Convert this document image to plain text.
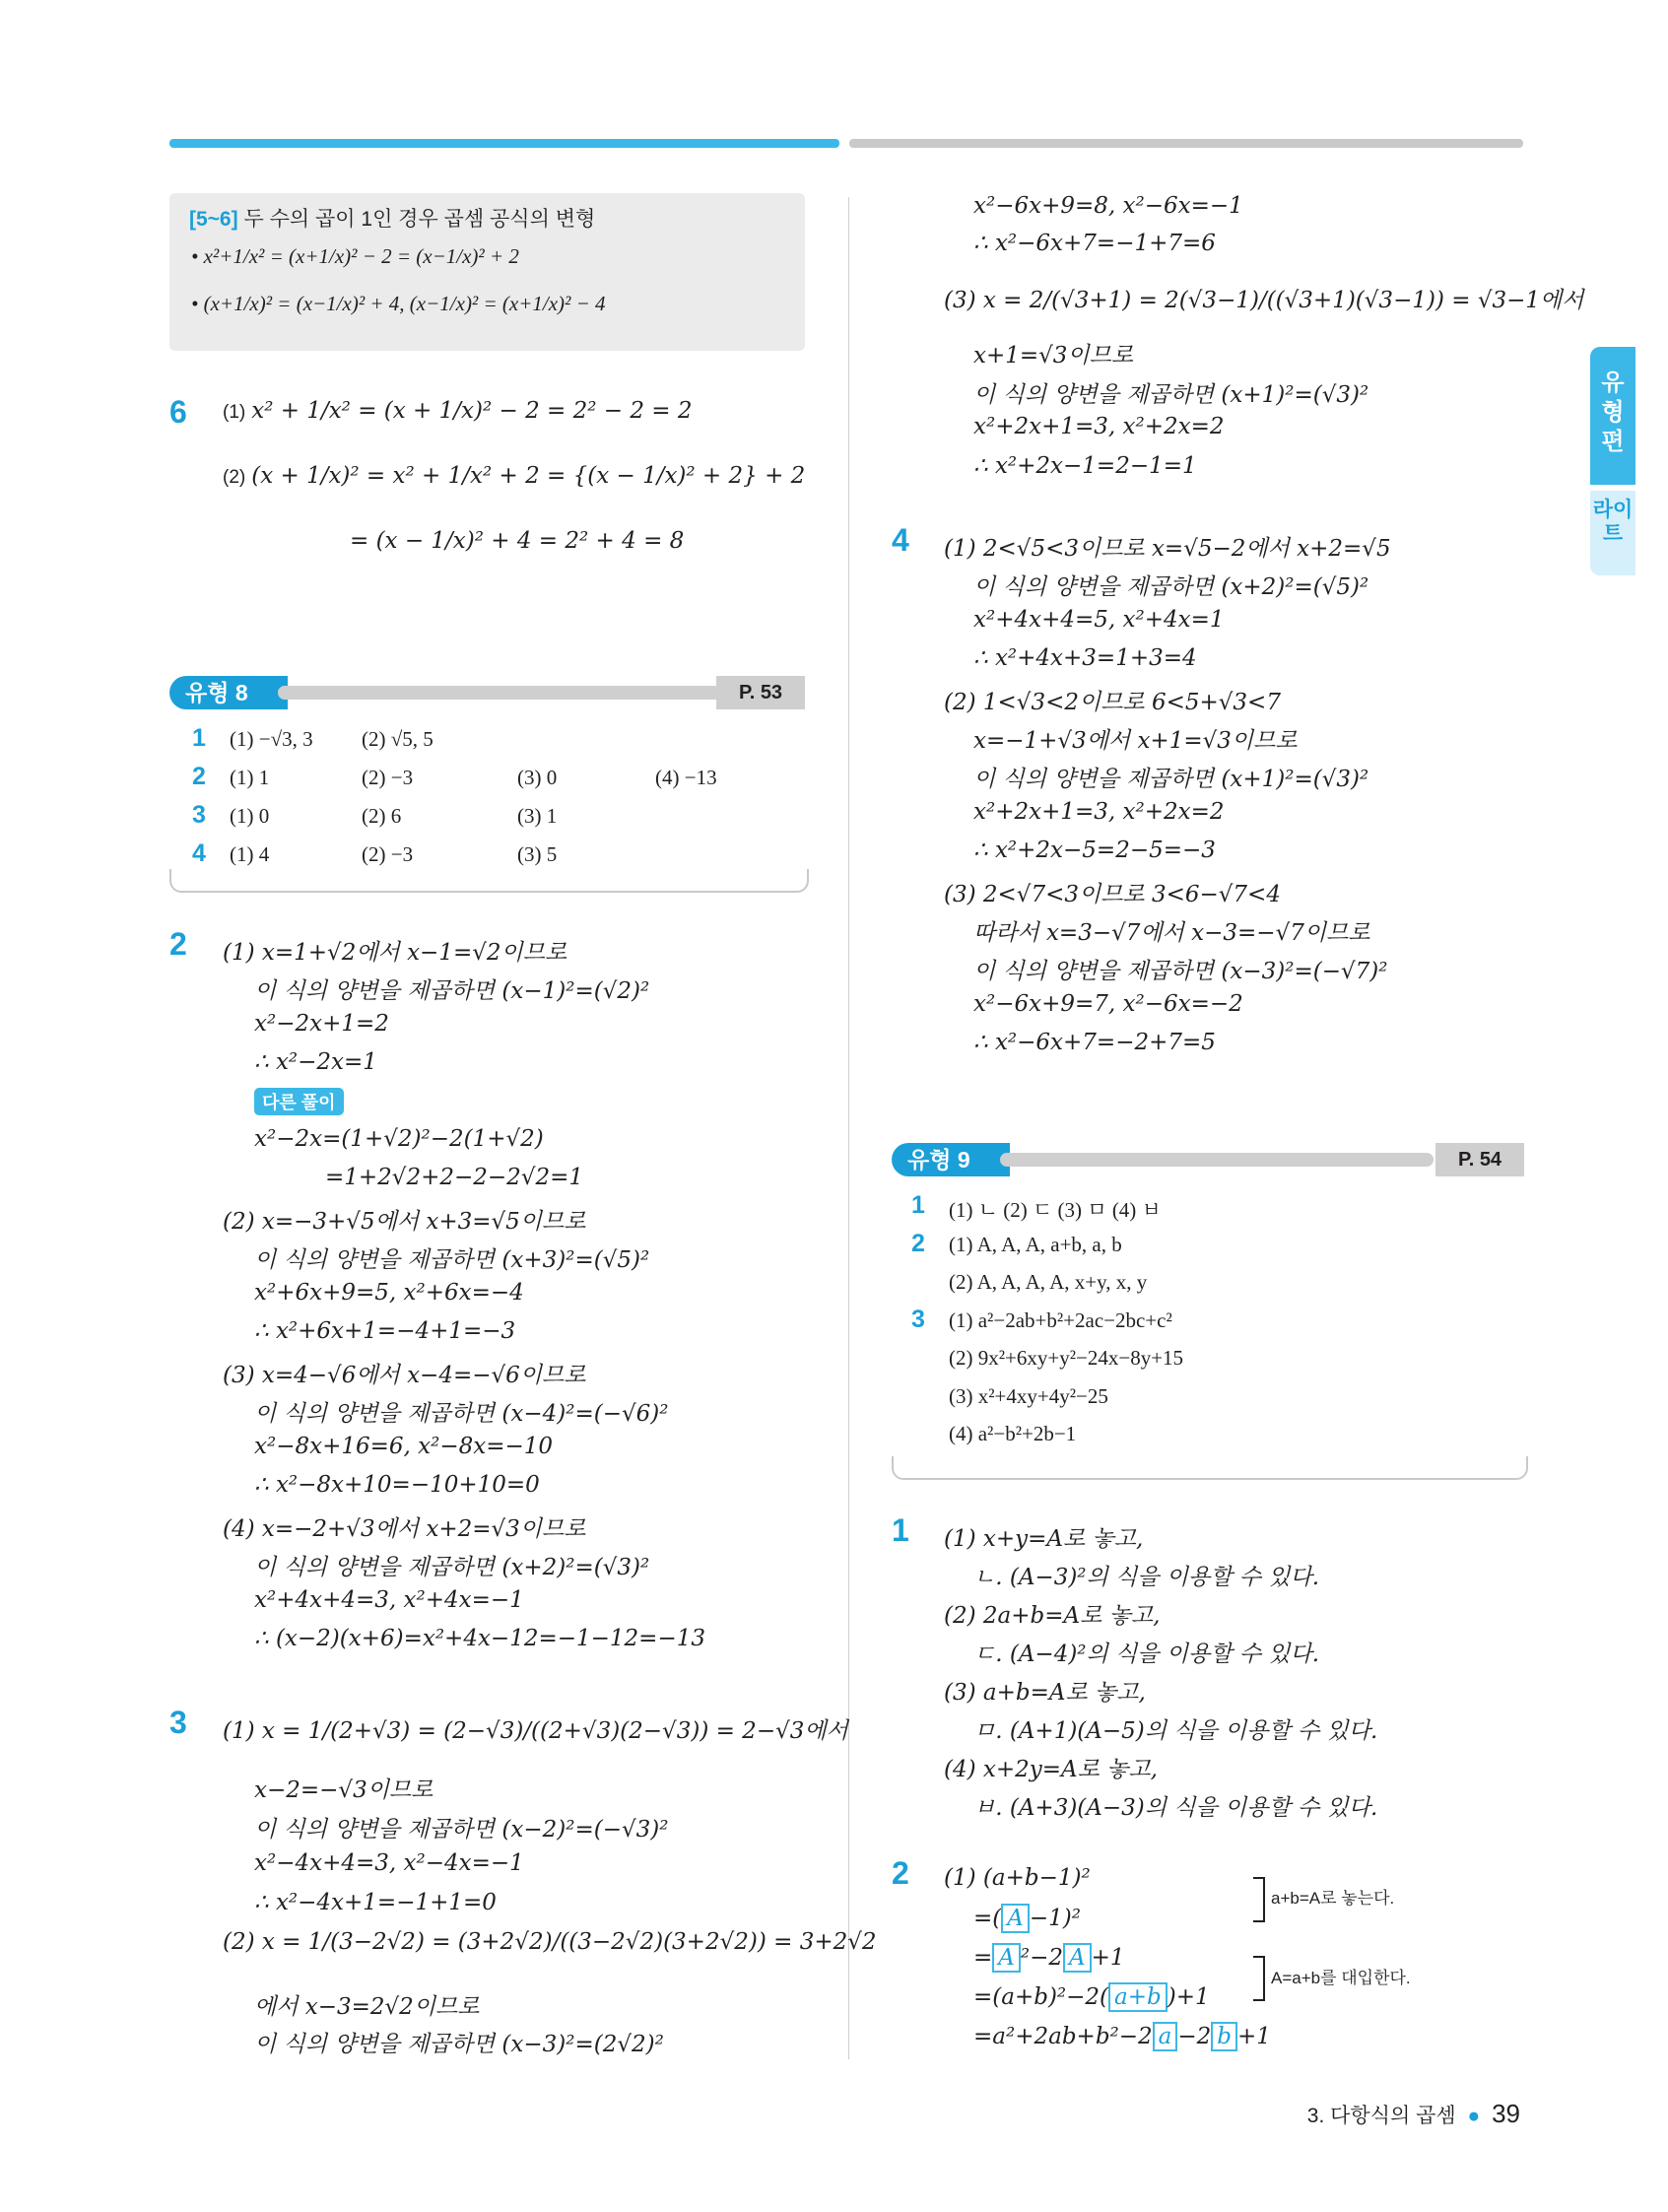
유형편
라이트
[5~6] 두 수의 곱이 1인 경우 곱셈 공식의 변형
• x²+1/x² = (x+1/x)² − 2 = (x−1/x)² + 2
• (x+1/x)² = (x−1/x)² + 4, (x−1/x)² = (x+1/x)² − 4
6 (1) x² + 1/x² = (x + 1/x)² − 2 = 2² − 2 = 2
(2) (x + 1/x)² = x² + 1/x² + 2 = {(x − 1/x)² + 2} + 2
= (x − 1/x)² + 4 = 2² + 4 = 8
유형 8	P. 53
1 (1) −√3, 3 (2) √5, 5
2 (1) 1	(2) −3	(3) 0	(4) −13
3 (1) 0	(2) 6	(3) 1
4 (1) 4	(2) −3	(3) 5
2 (1) x=1+√2에서 x−1=√2이므로
이 식의 양변을 제곱하면 (x−1)²=(√2)²
x²−2x+1=2
∴ x²−2x=1
x²−2x=(1+√2)²−2(1+√2)
=1+2√2+2−2−2√2=1
(2) x=−3+√5에서 x+3=√5이므로
이 식의 양변을 제곱하면 (x+3)²=(√5)²
x²+6x+9=5, x²+6x=−4
∴ x²+6x+1=−4+1=−3
(3) x=4−√6에서 x−4=−√6이므로
이 식의 양변을 제곱하면 (x−4)²=(−√6)²
x²−8x+16=6, x²−8x=−10
∴ x²−8x+10=−10+10=0
(4) x=−2+√3에서 x+2=√3이므로
이 식의 양변을 제곱하면 (x+2)²=(√3)²
x²+4x+4=3, x²+4x=−1
∴ (x−2)(x+6)=x²+4x−12=−1−12=−13
다른 풀이
3 (1) x = 1/(2+√3) = (2−√3)/((2+√3)(2−√3)) = 2−√3에서
x−2=−√3이므로
이 식의 양변을 제곱하면 (x−2)²=(−√3)²
x²−4x+4=3, x²−4x=−1
∴ x²−4x+1=−1+1=0
(2) x = 1/(3−2√2) = (3+2√2)/((3−2√2)(3+2√2)) = 3+2√2
에서 x−3=2√2이므로
이 식의 양변을 제곱하면 (x−3)²=(2√2)²
x²−6x+9=8, x²−6x=−1
∴ x²−6x+7=−1+7=6
(3) x = 2/(√3+1) = 2(√3−1)/((√3+1)(√3−1)) = √3−1에서
x+1=√3이므로
이 식의 양변을 제곱하면 (x+1)²=(√3)²
x²+2x+1=3, x²+2x=2
∴ x²+2x−1=2−1=1
4 (1) 2<√5<3이므로 x=√5−2에서 x+2=√5
이 식의 양변을 제곱하면 (x+2)²=(√5)²
x²+4x+4=5, x²+4x=1
∴ x²+4x+3=1+3=4
(2) 1<√3<2이므로 6<5+√3<7
x=−1+√3에서 x+1=√3이므로
이 식의 양변을 제곱하면 (x+1)²=(√3)²
x²+2x+1=3, x²+2x=2
∴ x²+2x−5=2−5=−3
(3) 2<√7<3이므로 3<6−√7<4
따라서 x=3−√7에서 x−3=−√7이므로
이 식의 양변을 제곱하면 (x−3)²=(−√7)²
x²−6x+9=7, x²−6x=−2
∴ x²−6x+7=−2+7=5
유형 9	P. 54
1 (1) ㄴ (2) ㄷ (3) ㅁ (4) ㅂ
2 (1) A, A, A, a+b, a, b
(2) A, A, A, A, x+y, x, y
3 (1) a²−2ab+b²+2ac−2bc+c²
(2) 9x²+6xy+y²−24x−8y+15
(3) x²+4xy+4y²−25
(4) a²−b²+2b−1
1 (1) x+y=A로 놓고,
ㄴ. (A−3)²의 식을 이용할 수 있다.
(2) 2a+b=A로 놓고,
ㄷ. (A−4)²의 식을 이용할 수 있다.
(3) a+b=A로 놓고,
ㅁ. (A+1)(A−5)의 식을 이용할 수 있다.
(4) x+2y=A로 놓고,
ㅂ. (A+3)(A−3)의 식을 이용할 수 있다.
2 (1) (a+b−1)²
=( A −1)²
= A ²−2 A +1
=(a+b)²−2( a+b )+1
=a²+2ab+b²−2 a −2 b +1
a+b=A로 놓는다.
A=a+b를 대입한다.
3. 다항식의 곱셈 ● 39
